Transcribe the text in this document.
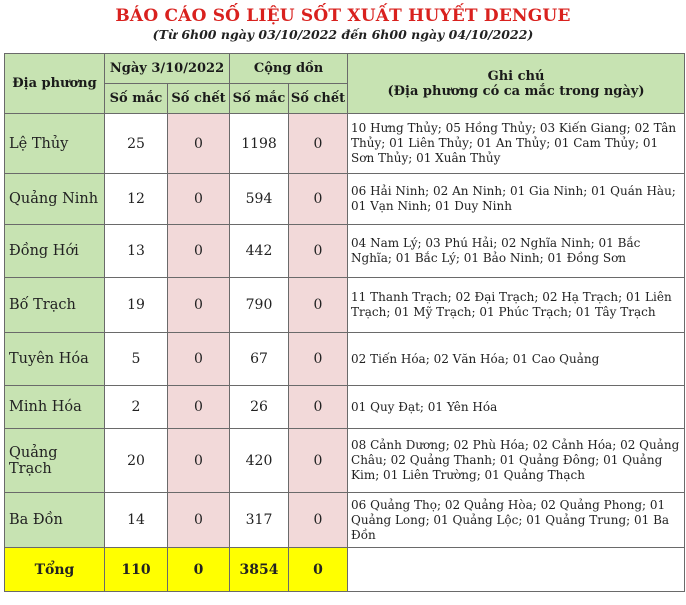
BÁO CÁO SỐ LIỆU SỐT XUẤT HUYẾT DENGUE
(Từ 6h00 ngày 03/10/2022 đến 6h00 ngày 04/10/2022)
Địa phương	Ngày 3/10/2022		Cộng dồn		Ghi chú
(Địa phương có ca mắc trong ngày)

	Số mắc	Số chết	Số mắc	Số chết	
Lệ Thủy	25	0	1198	0	10 Hưng Thủy; 05 Hồng Thủy; 03 Kiến Giang; 02 Tân Thủy; 01 Liên Thủy; 01 An Thủy; 01 Cam Thủy; 01 Sơn Thủy; 01 Xuân Thủy
Quảng Ninh	12	0	594	0	06 Hải Ninh; 02 An Ninh; 01 Gia Ninh; 01 Quán Hàu; 01 Vạn Ninh; 01 Duy Ninh
Đồng Hới	13	0	442	0	04 Nam Lý; 03 Phú Hải; 02 Nghĩa Ninh; 01 Bắc Nghĩa; 01 Bắc Lý; 01 Bảo Ninh; 01 Đồng Sơn
Bố Trạch	19	0	790	0	11 Thanh Trạch; 02 Đại Trạch; 02 Hạ Trạch; 01 Liên Trạch; 01 Mỹ Trạch; 01 Phúc Trạch; 01 Tây Trạch
Tuyên Hóa	5	0	67	0	02 Tiến Hóa; 02 Văn Hóa; 01 Cao Quảng
Minh Hóa	2	0	26	0	01 Quy Đạt; 01 Yên Hóa
Quảng Trạch	20	0	420	0	08 Cảnh Dương; 02 Phù Hóa; 02 Cảnh Hóa; 02 Quảng Châu; 02 Quảng Thanh; 01 Quảng Đông; 01 Quảng Kim; 01 Liên Trường; 01 Quảng Thạch
Ba Đồn	14	0	317	0	06 Quảng Thọ; 02 Quảng Hòa; 02 Quảng Phong; 01 Quảng Long; 01 Quảng Lộc; 01 Quảng Trung; 01 Ba Đồn
Tổng	110	0	3854	0	
